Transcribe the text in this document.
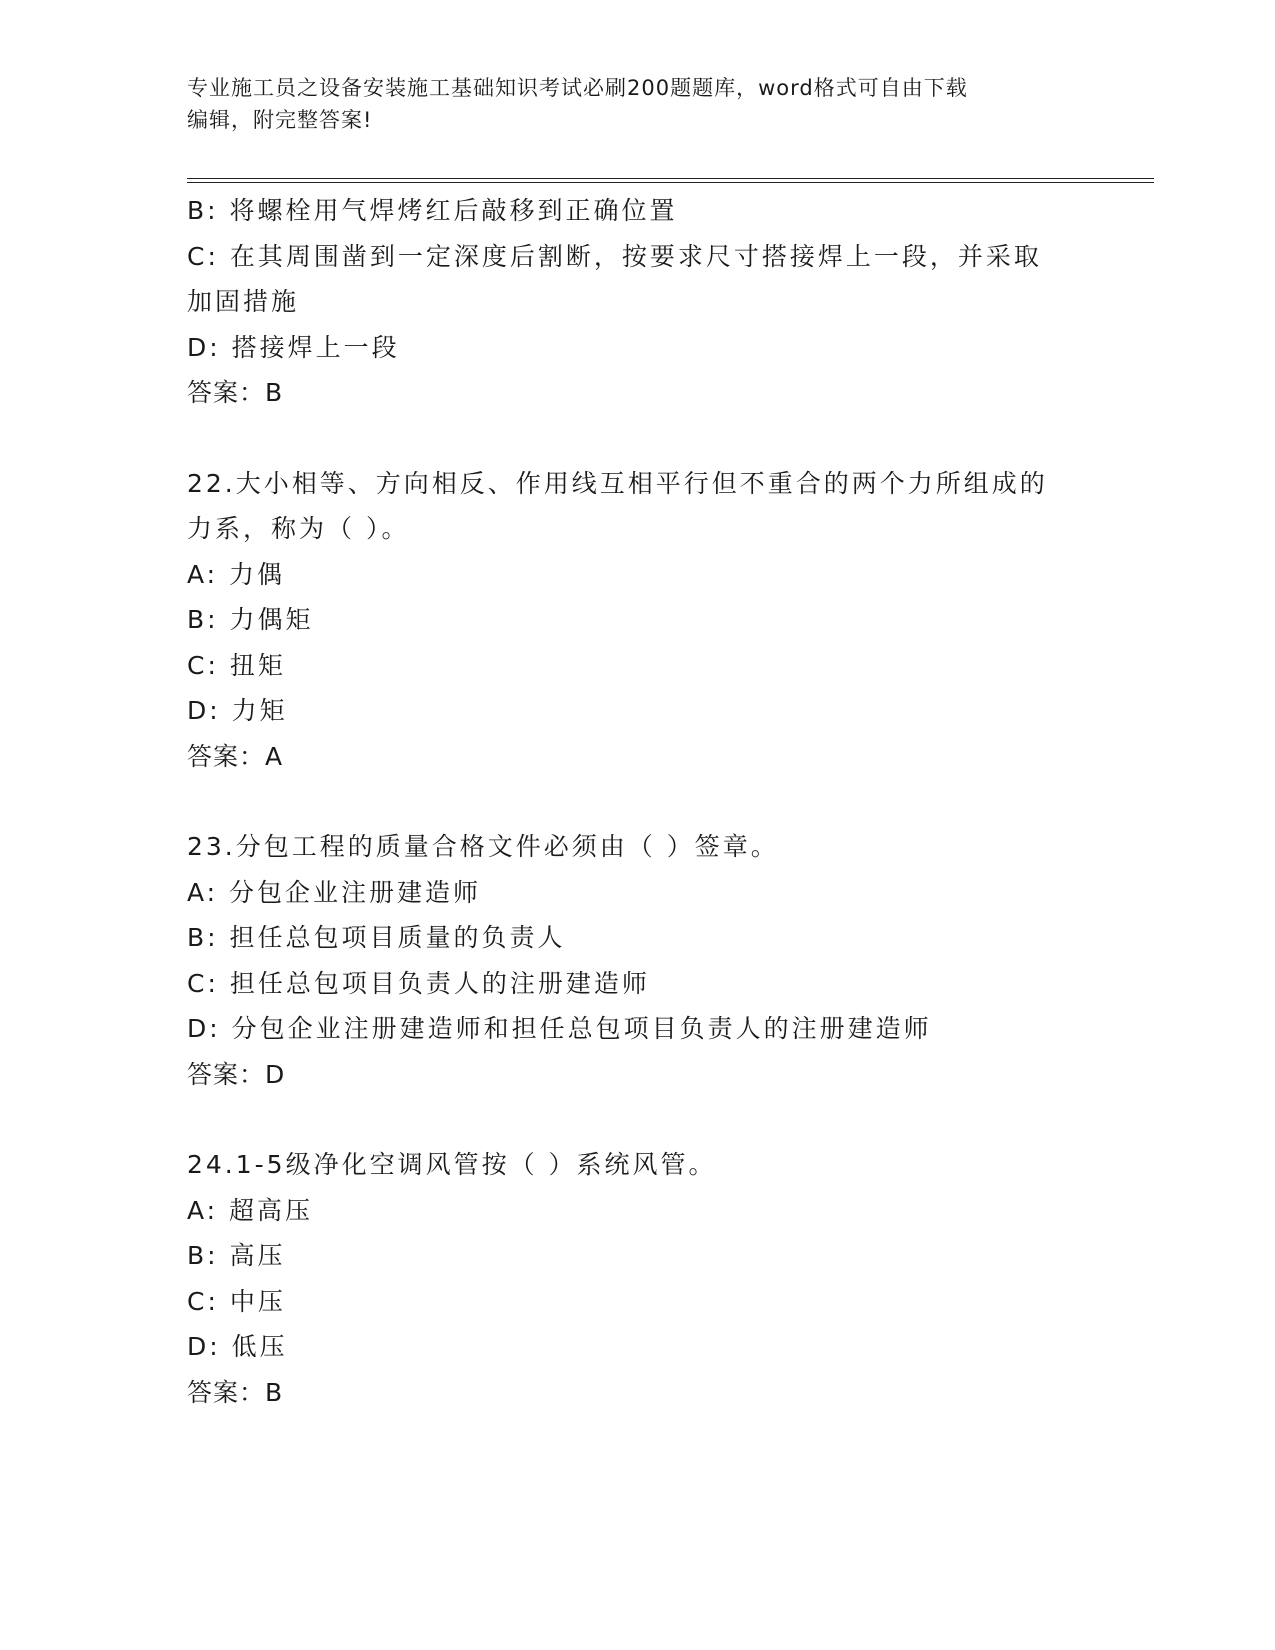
专业施工员之设备安装施工基础知识考试必刷200题题库，word格式可自由下载
编辑，附完整答案!
B: 将螺栓用气焊烤红后敲移到正确位置
C: 在其周围凿到一定深度后割断，按要求尺寸搭接焊上一段，并采取
加固措施
D: 搭接焊上一段
答案：B
22.大小相等、方向相反、作用线互相平行但不重合的两个力所组成的
力系，称为（ ）。
A: 力偶
B: 力偶矩
C: 扭矩
D: 力矩
答案：A
23.分包工程的质量合格文件必须由（ ）签章。
A: 分包企业注册建造师
B: 担任总包项目质量的负责人
C: 担任总包项目负责人的注册建造师
D: 分包企业注册建造师和担任总包项目负责人的注册建造师
答案：D
24.1-5级净化空调风管按（ ）系统风管。
A: 超高压
B: 高压
C: 中压
D: 低压
答案：B
